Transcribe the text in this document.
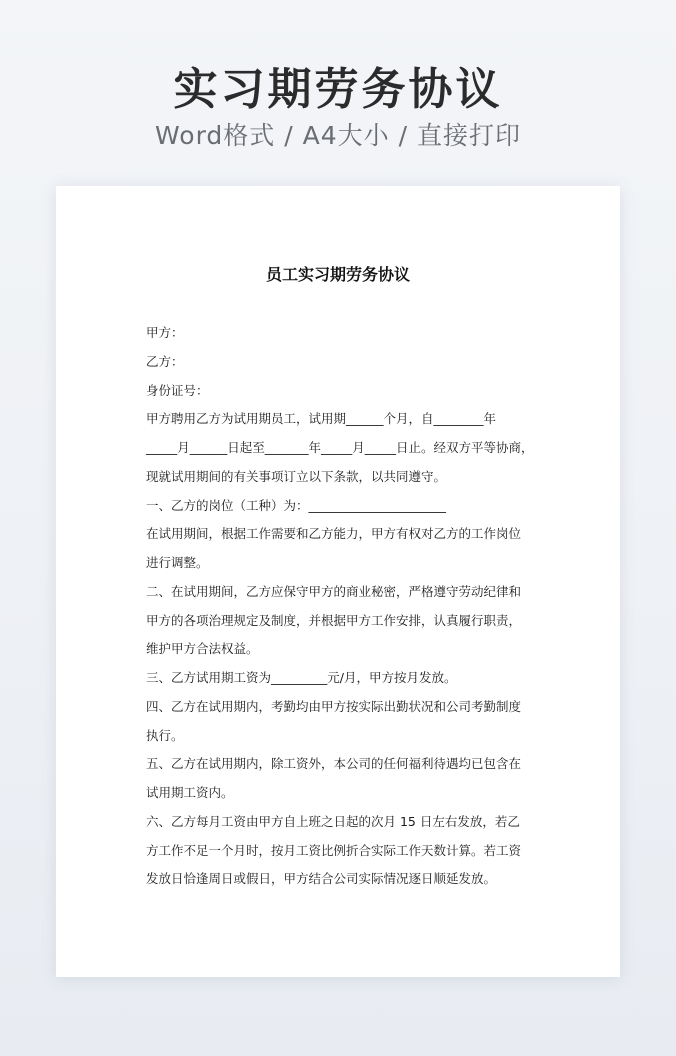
实习期劳务协议
Word格式 / A4大小 / 直接打印
员工实习期劳务协议
甲方：
乙方：
身份证号：
甲方聘用乙方为试用期员工，试用期______个月，自________年
_____月______日起至_______年_____月_____日止。经双方平等协商，
现就试用期间的有关事项订立以下条款，以共同遵守。
一、乙方的岗位（工种）为：______________________
在试用期间，根据工作需要和乙方能力，甲方有权对乙方的工作岗位
进行调整。
二、在试用期间，乙方应保守甲方的商业秘密，严格遵守劳动纪律和
甲方的各项治理规定及制度，并根据甲方工作安排，认真履行职责，
维护甲方合法权益。
三、乙方试用期工资为_________元/月，甲方按月发放。
四、乙方在试用期内，考勤均由甲方按实际出勤状况和公司考勤制度
执行。
五、乙方在试用期内，除工资外，本公司的任何福利待遇均已包含在
试用期工资内。
六、乙方每月工资由甲方自上班之日起的次月 15 日左右发放，若乙
方工作不足一个月时，按月工资比例折合实际工作天数计算。若工资
发放日恰逢周日或假日，甲方结合公司实际情况逐日顺延发放。
